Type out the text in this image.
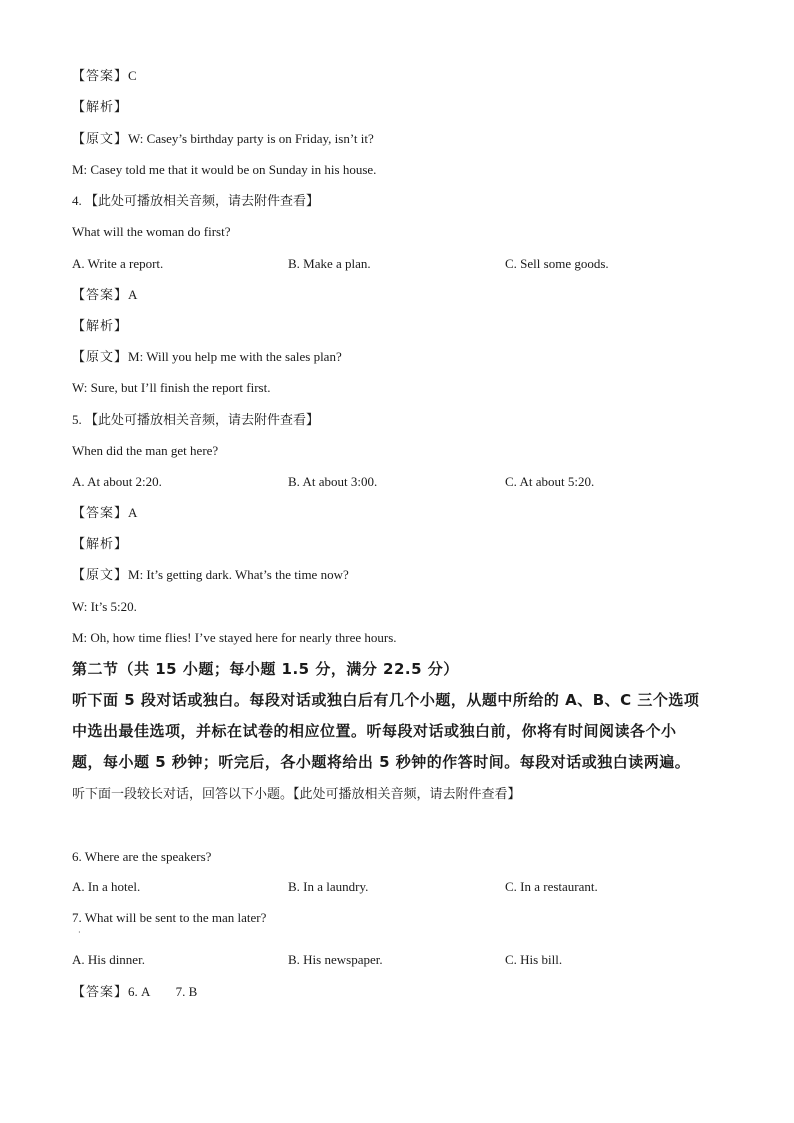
【答案】C
【解析】
【原文】W: Casey’s birthday party is on Friday, isn’t it?
M: Casey told me that it would be on Sunday in his house.
4. 【此处可播放相关音频，请去附件查看】
What will the woman do first?
A. Write a report.	B. Make a plan.	C. Sell some goods.
【答案】A
【解析】
【原文】M: Will you help me with the sales plan?
W: Sure, but I’ll finish the report first.
5. 【此处可播放相关音频，请去附件查看】
When did the man get here?
A. At about 2:20.	B. At about 3:00.	C. At about 5:20.
【答案】A
【解析】
【原文】M: It’s getting dark. What’s the time now?
W: It’s 5:20.
M: Oh, how time flies! I’ve stayed here for nearly three hours.
第二节（共 15 小题；每小题 1.5 分，满分 22.5 分）
听下面 5 段对话或独白。每段对话或独白后有几个小题，从题中所给的 A、B、C 三个选项
中选出最佳选项，并标在试卷的相应位置。听每段对话或独白前，你将有时间阅读各个小
题，每小题 5 秒钟；听完后，各小题将给出 5 秒钟的作答时间。每段对话或独白读两遍。
听下面一段较长对话，回答以下小题。【此处可播放相关音频，请去附件查看】
6. Where are the speakers?
A. In a hotel.	B. In a laundry.	C. In a restaurant.
7. What will be sent to the man later?
·
A. His dinner.	B. His newspaper.	C. His bill.
【答案】6. A        7. B
